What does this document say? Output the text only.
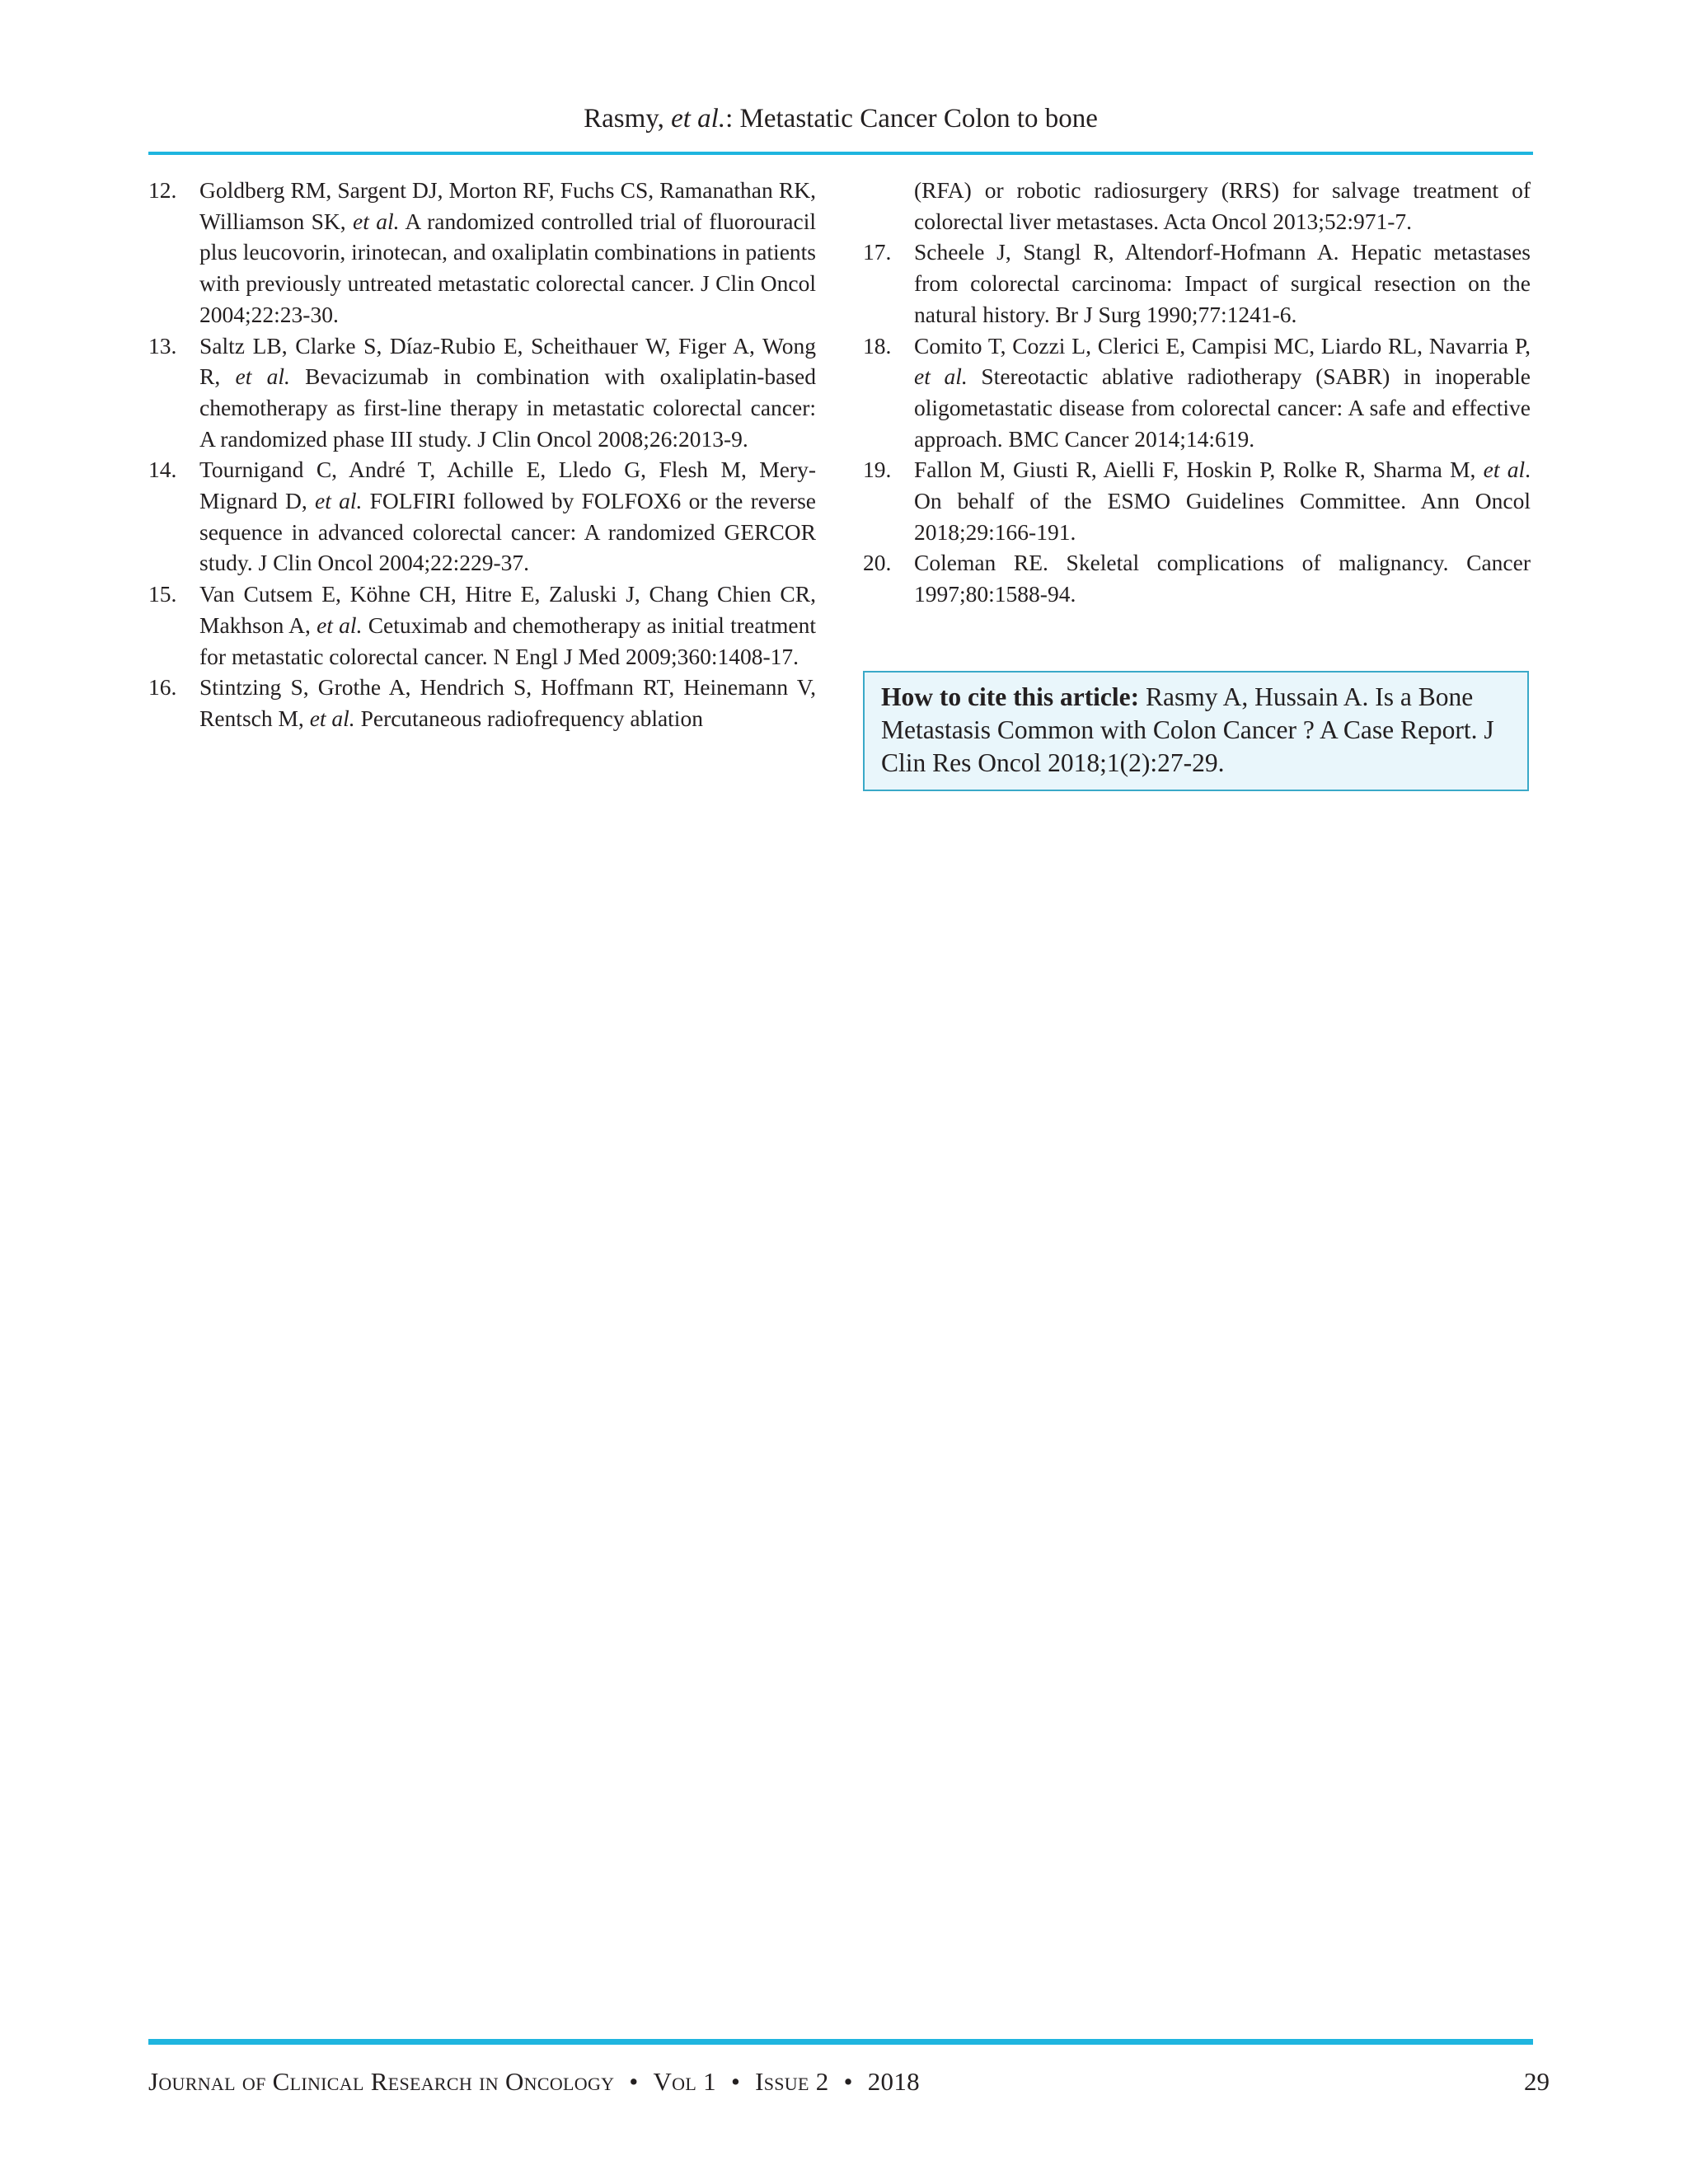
Rasmy, et al.: Metastatic Cancer Colon to bone
12. Goldberg RM, Sargent DJ, Morton RF, Fuchs CS, Ramanathan RK, Williamson SK, et al. A randomized controlled trial of fluorouracil plus leucovorin, irinotecan, and oxaliplatin combinations in patients with previously untreated metastatic colorectal cancer. J Clin Oncol 2004;22:23-30.
13. Saltz LB, Clarke S, Díaz-Rubio E, Scheithauer W, Figer A, Wong R, et al. Bevacizumab in combination with oxaliplatin-based chemotherapy as first-line therapy in metastatic colorectal cancer: A randomized phase III study. J Clin Oncol 2008;26:2013-9.
14. Tournigand C, André T, Achille E, Lledo G, Flesh M, Mery-Mignard D, et al. FOLFIRI followed by FOLFOX6 or the reverse sequence in advanced colorectal cancer: A randomized GERCOR study. J Clin Oncol 2004;22:229-37.
15. Van Cutsem E, Köhne CH, Hitre E, Zaluski J, Chang Chien CR, Makhson A, et al. Cetuximab and chemotherapy as initial treatment for metastatic colorectal cancer. N Engl J Med 2009;360:1408-17.
16. Stintzing S, Grothe A, Hendrich S, Hoffmann RT, Heinemann V, Rentsch M, et al. Percutaneous radiofrequency ablation
(RFA) or robotic radiosurgery (RRS) for salvage treatment of colorectal liver metastases. Acta Oncol 2013;52:971-7.
17. Scheele J, Stangl R, Altendorf-Hofmann A. Hepatic metastases from colorectal carcinoma: Impact of surgical resection on the natural history. Br J Surg 1990;77:1241-6.
18. Comito T, Cozzi L, Clerici E, Campisi MC, Liardo RL, Navarria P, et al. Stereotactic ablative radiotherapy (SABR) in inoperable oligometastatic disease from colorectal cancer: A safe and effective approach. BMC Cancer 2014;14:619.
19. Fallon M, Giusti R, Aielli F, Hoskin P, Rolke R, Sharma M, et al. On behalf of the ESMO Guidelines Committee. Ann Oncol 2018;29:166-191.
20. Coleman RE. Skeletal complications of malignancy. Cancer 1997;80:1588-94.
How to cite this article: Rasmy A, Hussain A. Is a Bone Metastasis Common with Colon Cancer ? A Case Report. J Clin Res Oncol 2018;1(2):27-29.
Journal of Clinical Research in Oncology • Vol 1 • Issue 2 • 2018	29
